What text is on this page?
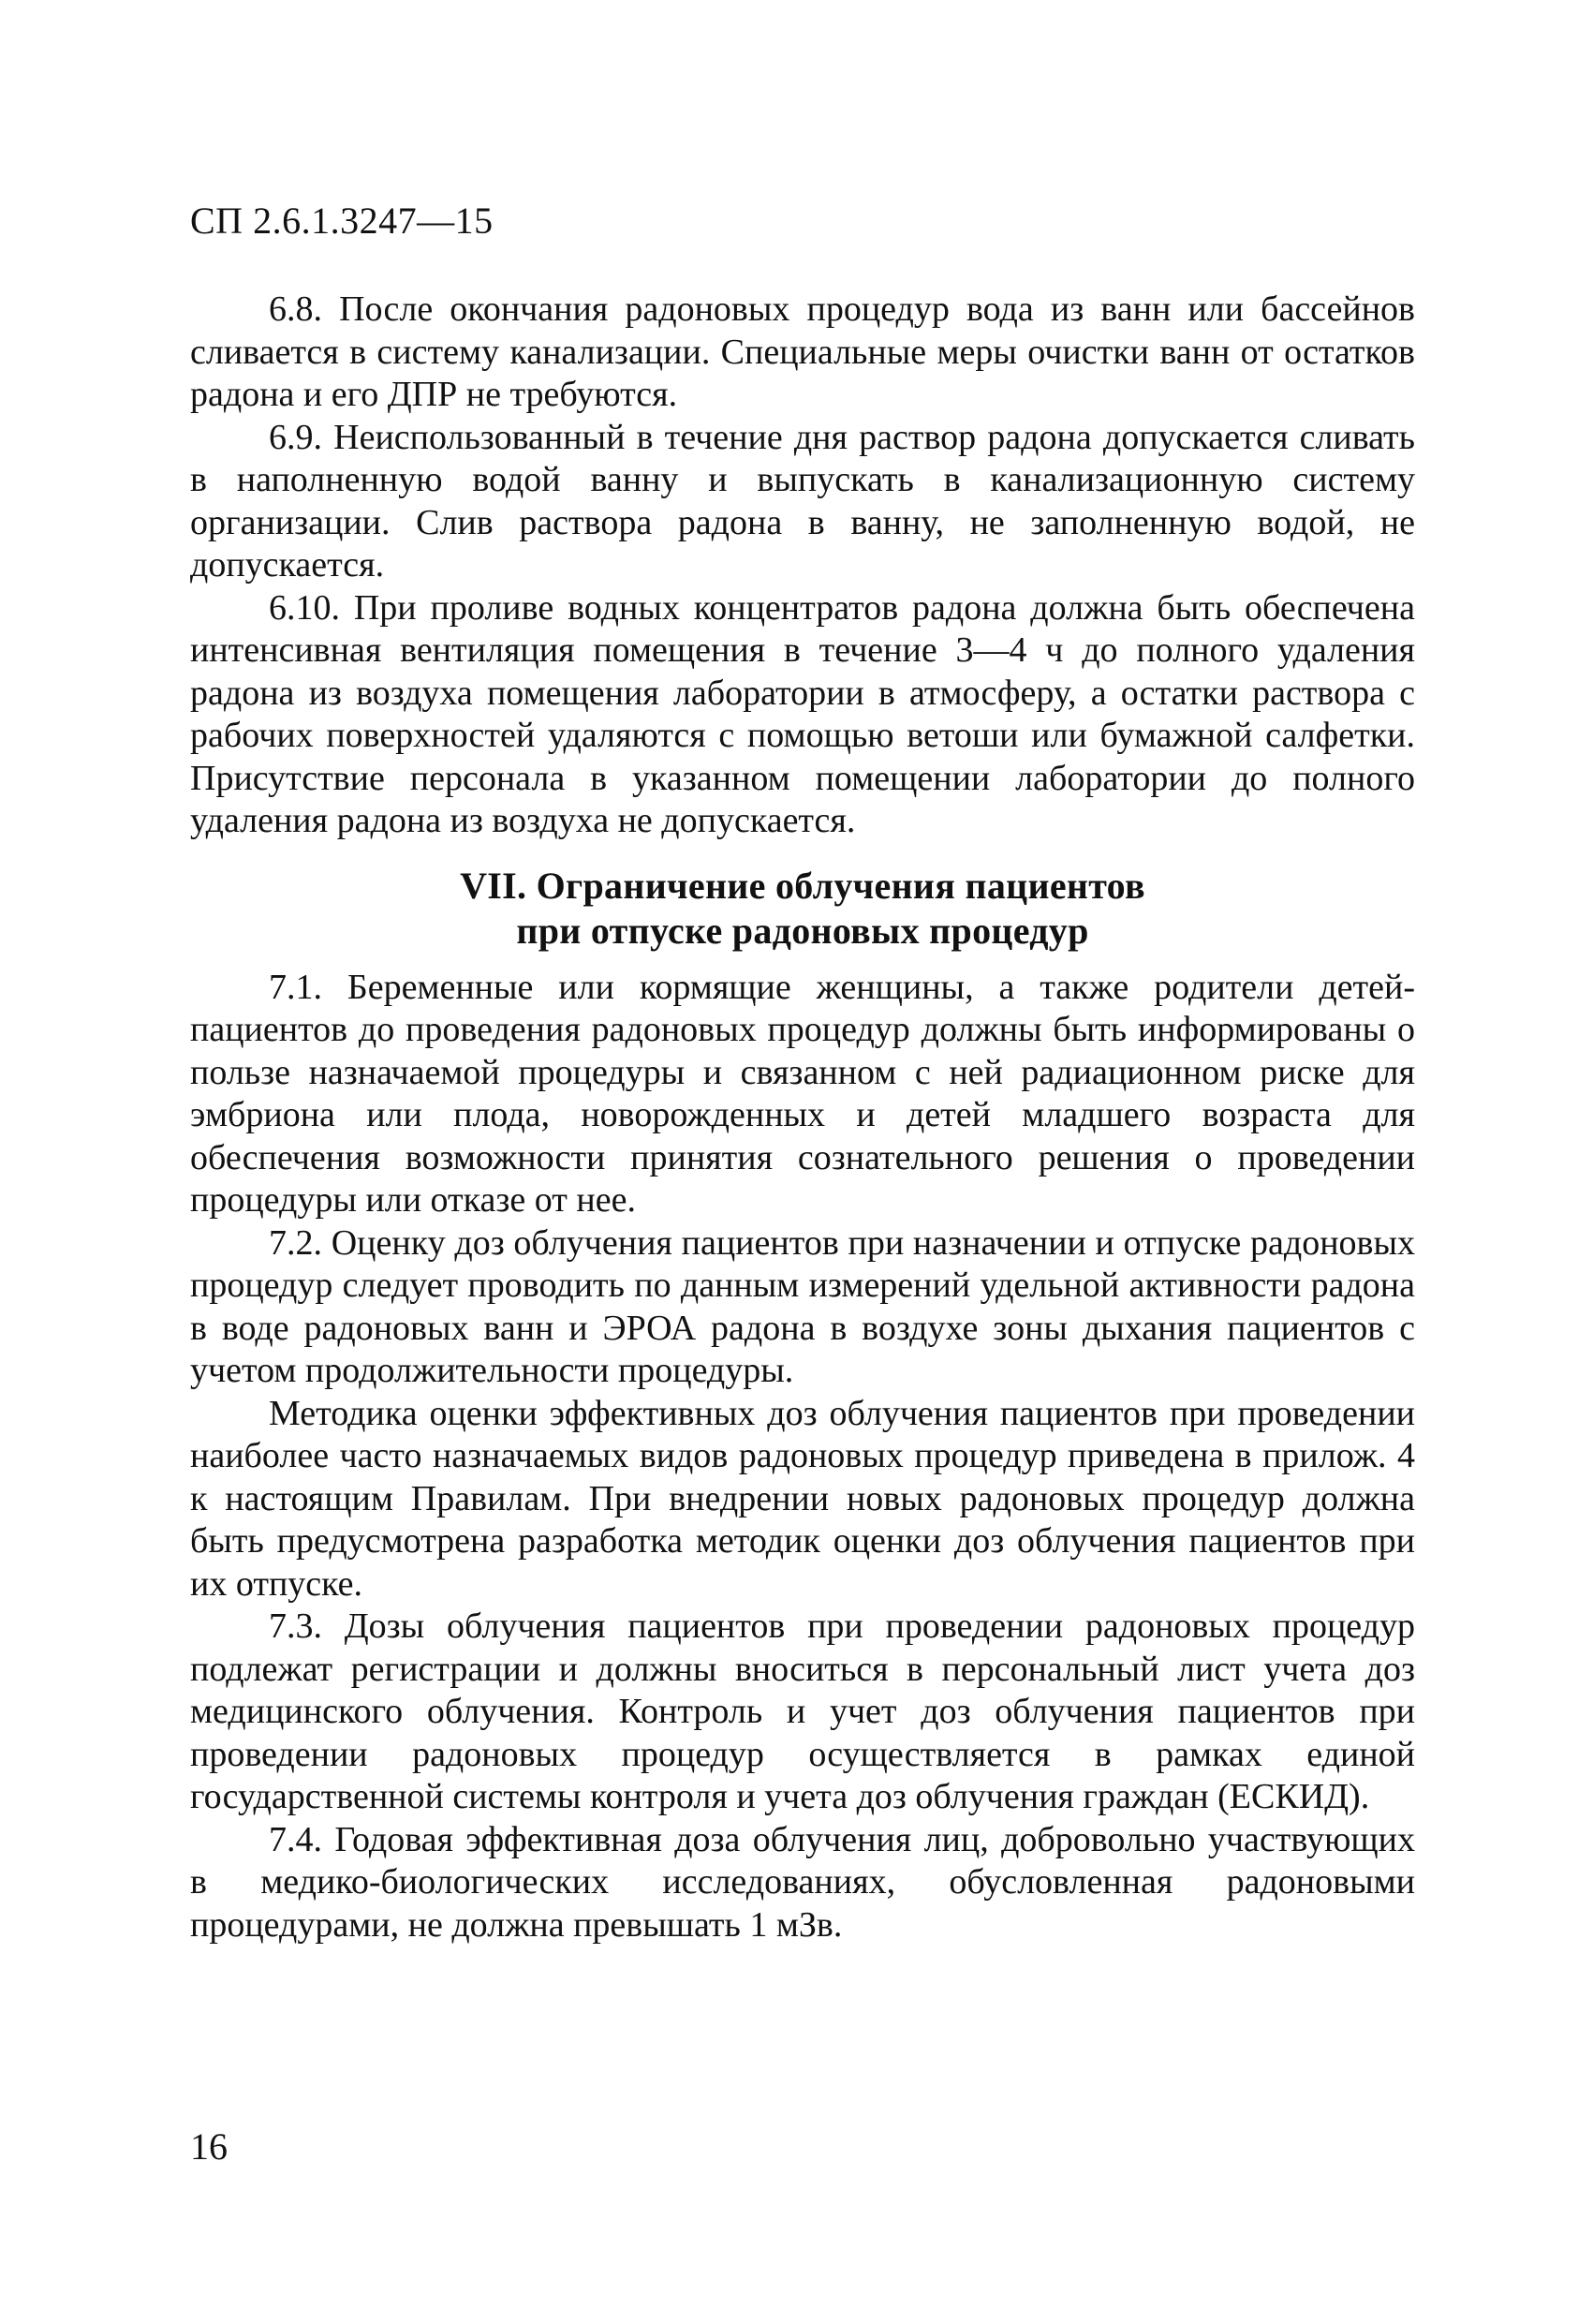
СП 2.6.1.3247—15

6.8. После окончания радоновых процедур вода из ванн или бассейнов сливается в систему канализации. Специальные меры очистки ванн от остатков радона и его ДПР не требуются.

6.9. Неиспользованный в течение дня раствор радона допускается сливать в наполненную водой ванну и выпускать в канализационную систему организации. Слив раствора радона в ванну, не заполненную водой, не допускается.

6.10. При проливе водных концентратов радона должна быть обеспечена интенсивная вентиляция помещения в течение 3—4 ч до полного удаления радона из воздуха помещения лаборатории в атмосферу, а остатки раствора с рабочих поверхностей удаляются с помощью ветоши или бумажной салфетки. Присутствие персонала в указанном помещении лаборатории до полного удаления радона из воздуха не допускается.

VII. Ограничение облучения пациентов
при отпуске радоновых процедур

7.1. Беременные или кормящие женщины, а также родители детей-пациентов до проведения радоновых процедур должны быть информированы о пользе назначаемой процедуры и связанном с ней радиационном риске для эмбриона или плода, новорожденных и детей младшего возраста для обеспечения возможности принятия сознательного решения о проведении процедуры или отказе от нее.

7.2. Оценку доз облучения пациентов при назначении и отпуске радоновых процедур следует проводить по данным измерений удельной активности радона в воде радоновых ванн и ЭРОА радона в воздухе зоны дыхания пациентов с учетом продолжительности процедуры.

Методика оценки эффективных доз облучения пациентов при проведении наиболее часто назначаемых видов радоновых процедур приведена в прилож. 4 к настоящим Правилам. При внедрении новых радоновых процедур должна быть предусмотрена разработка методик оценки доз облучения пациентов при их отпуске.

7.3. Дозы облучения пациентов при проведении радоновых процедур подлежат регистрации и должны вноситься в персональный лист учета доз медицинского облучения. Контроль и учет доз облучения пациентов при проведении радоновых процедур осуществляется в рамках единой государственной системы контроля и учета доз облучения граждан (ЕСКИД).

7.4. Годовая эффективная доза облучения лиц, добровольно участвующих в медико-биологических исследованиях, обусловленная радоновыми процедурами, не должна превышать 1 мЗв.

16
